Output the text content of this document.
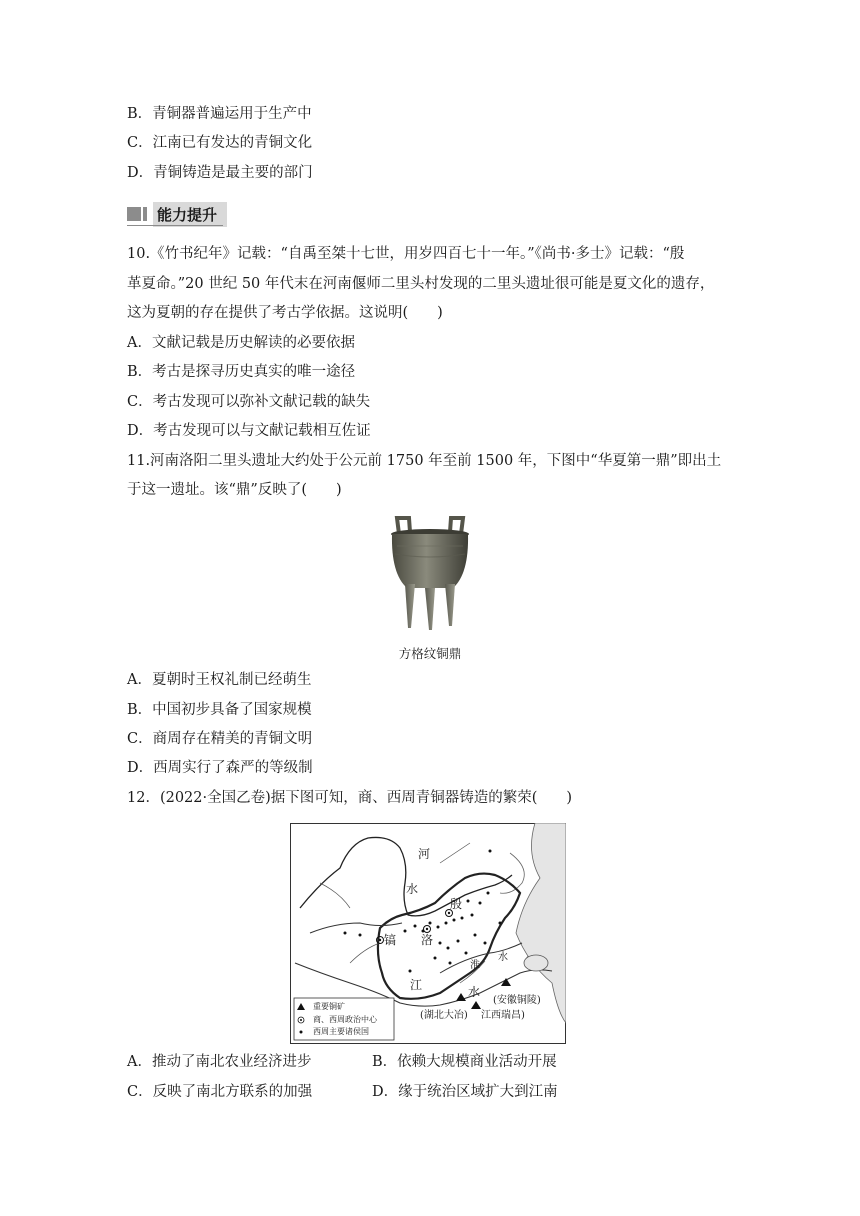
B．青铜器普遍运用于生产中
C．江南已有发达的青铜文化
D．青铜铸造是最主要的部门
能力提升
10.《竹书纪年》记载：“自禹至桀十七世，用岁四百七十一年。”《尚书·多士》记载：“殷
革夏命。”20 世纪 50 年代末在河南偃师二里头村发现的二里头遗址很可能是夏文化的遗存，
这为夏朝的存在提供了考古学依据。这说明(　　)
A．文献记载是历史解读的必要依据
B．考古是探寻历史真实的唯一途径
C．考古发现可以弥补文献记载的缺失
D．考古发现可以与文献记载相互佐证
11.河南洛阳二里头遗址大约处于公元前 1750 年至前 1500 年，下图中“华夏第一鼎”即出土
于这一遗址。该“鼎”反映了(　　)
方格纹铜鼎
A．夏朝时王权礼制已经萌生
B．中国初步具备了国家规模
C．商周存在精美的青铜文明
D．西周实行了森严的等级制
12．(2022·全国乙卷)据下图可知，商、西周青铜器铸造的繁荣(　　)
河
水
殷
镐 洛
淮
水
江	水
(安徽铜陵)
(湖北大冶) 江西瑞昌)
重要铜矿
商、西周政治中心
西周主要诸侯国
A．推动了南北农业经济进步	B．依赖大规模商业活动开展
C．反映了南北方联系的加强	D．缘于统治区域扩大到江南
